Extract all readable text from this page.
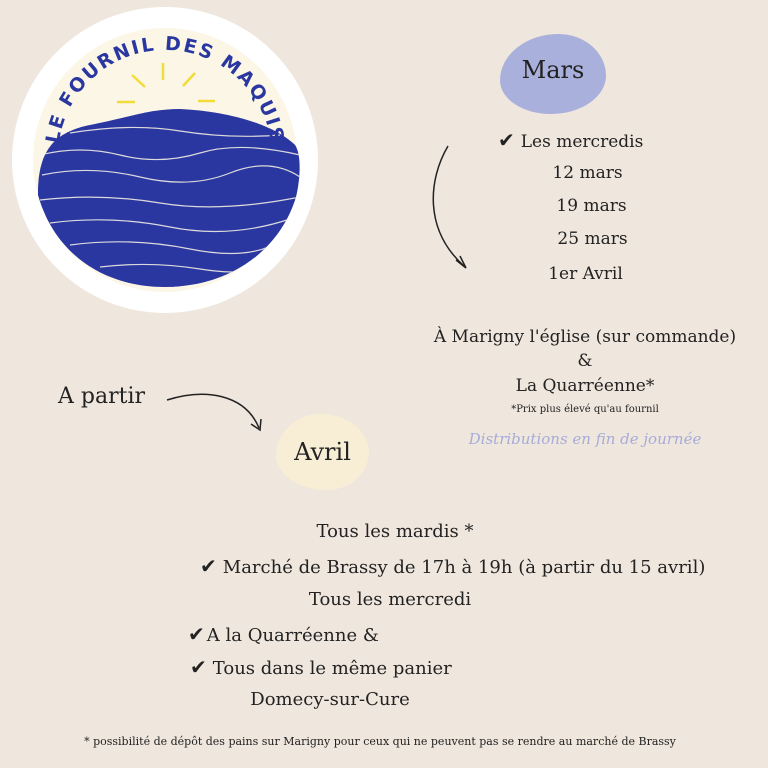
LE FOURNIL DES MAQUIS
Mars
✔ Les mercredis
12 mars
19 mars
25 mars
1er Avril
À Marigny l'église (sur commande)
&
La Quarréenne*
*Prix plus élevé qu'au fournil
Distributions en fin de journée
A partir
Avril
Tous les mardis *
✔ Marché de Brassy de 17h à 19h (à partir du 15 avril)
Tous les mercredi
✔ A la Quarréenne &
✔ Tous dans le même panier
Domecy-sur-Cure
* possibilité de dépôt des pains sur Marigny pour ceux qui ne peuvent pas se rendre au marché de Brassy
